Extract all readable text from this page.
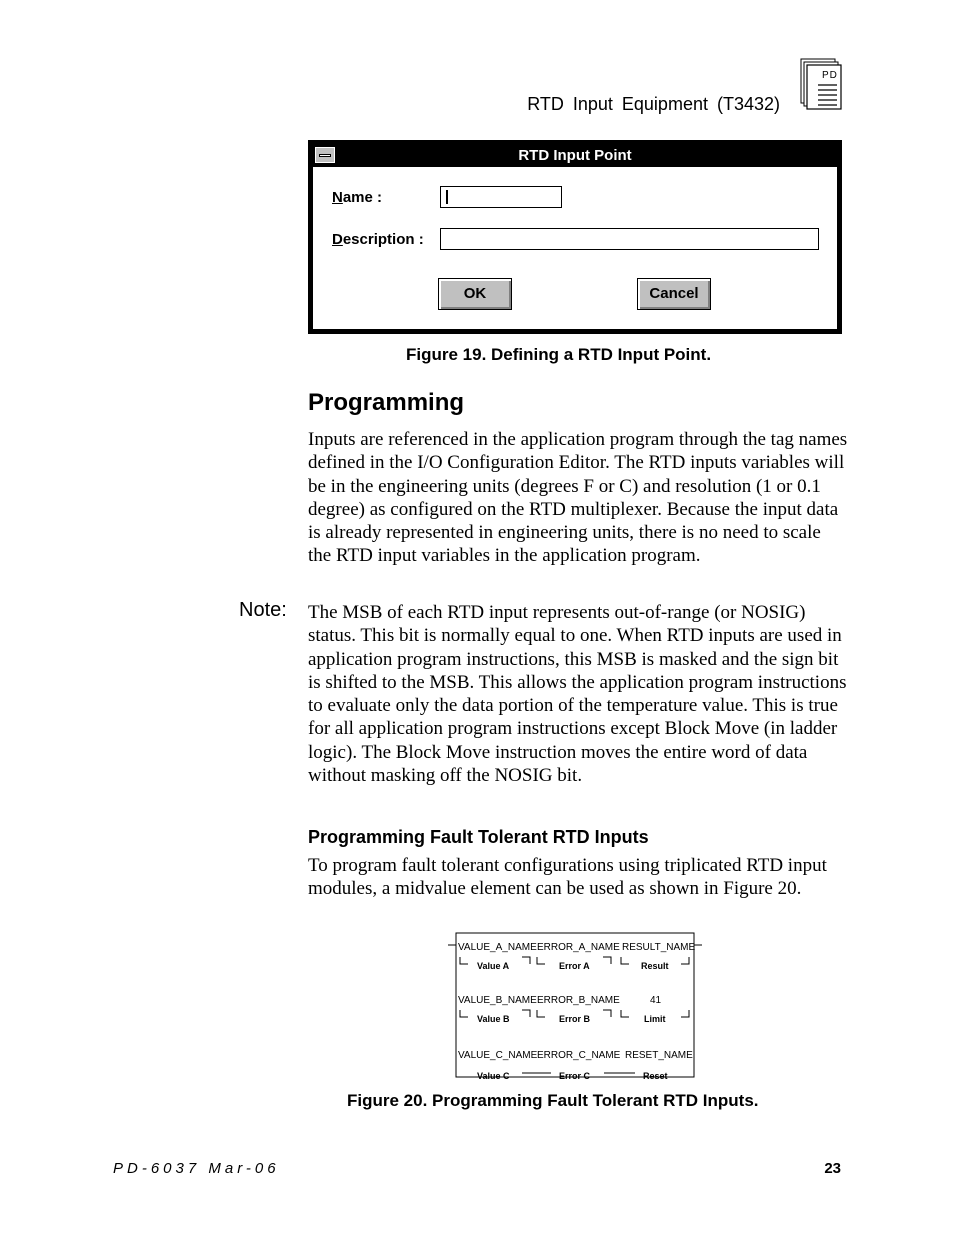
RTD Input Equipment (T3432)
PD
RTD Input Point
Name :
Description :
OK	Cancel
Figure 19. Defining a RTD Input Point.
Programming

Inputs are referenced in the application program through the tag names defined in the I/O Configuration Editor. The RTD inputs variables will be in the engineering units (degrees F or C) and resolution (1 or 0.1 degree) as configured on the RTD multiplexer. Because the input data is already represented in engineering units, there is no need to scale the RTD input variables in the application program.

Note: The MSB of each RTD input represents out-of-range (or NOSIG) status. This bit is normally equal to one. When RTD inputs are used in application program instructions, this MSB is masked and the sign bit is shifted to the MSB. This allows the application program instructions to evaluate only the data portion of the temperature value. This is true for all application program instructions except Block Move (in ladder logic). The Block Move instruction moves the entire word of data without masking off the NOSIG bit.

Programming Fault Tolerant RTD Inputs

To program fault tolerant configurations using triplicated RTD input modules, a midvalue element can be used as shown in Figure 20.

VALUE_A_NAME ERROR_A_NAME RESULT_NAME
Value A	Error A	Result
VALUE_B_NAME ERROR_B_NAME	41
Value B	Error B	Limit
VALUE_C_NAME ERROR_C_NAME RESET_NAME
Value C	Error C	Reset
Figure 20. Programming Fault Tolerant RTD Inputs.
PD-6037 Mar-06	23
